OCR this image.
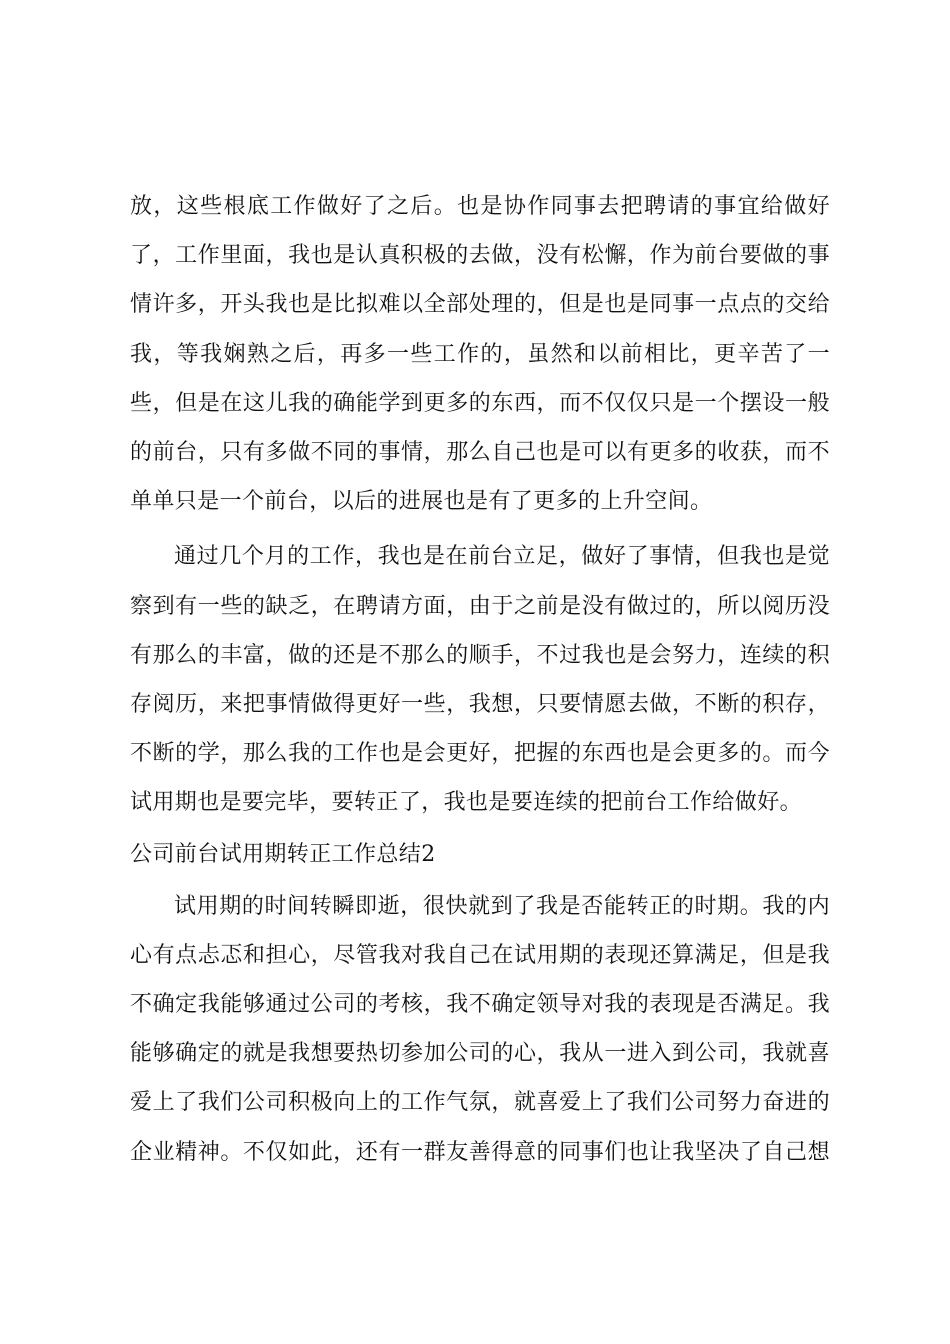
放，这些根底工作做好了之后。也是协作同事去把聘请的事宜给做好
了，工作里面，我也是认真积极的去做，没有松懈，作为前台要做的事
情许多，开头我也是比拟难以全部处理的，但是也是同事一点点的交给
我，等我娴熟之后，再多一些工作的，虽然和以前相比，更辛苦了一
些，但是在这儿我的确能学到更多的东西，而不仅仅只是一个摆设一般
的前台，只有多做不同的事情，那么自己也是可以有更多的收获，而不
单单只是一个前台，以后的进展也是有了更多的上升空间。
通过几个月的工作，我也是在前台立足，做好了事情，但我也是觉
察到有一些的缺乏，在聘请方面，由于之前是没有做过的，所以阅历没
有那么的丰富，做的还是不那么的顺手，不过我也是会努力，连续的积
存阅历，来把事情做得更好一些，我想，只要情愿去做，不断的积存，
不断的学，那么我的工作也是会更好，把握的东西也是会更多的。而今
试用期也是要完毕，要转正了，我也是要连续的把前台工作给做好。
公司前台试用期转正工作总结2
试用期的时间转瞬即逝，很快就到了我是否能转正的时期。我的内
心有点忐忑和担心，尽管我对我自己在试用期的表现还算满足，但是我
不确定我能够通过公司的考核，我不确定领导对我的表现是否满足。我
能够确定的就是我想要热切参加公司的心，我从一进入到公司，我就喜
爱上了我们公司积极向上的工作气氛，就喜爱上了我们公司努力奋进的
企业精神。不仅如此，还有一群友善得意的同事们也让我坚决了自己想
